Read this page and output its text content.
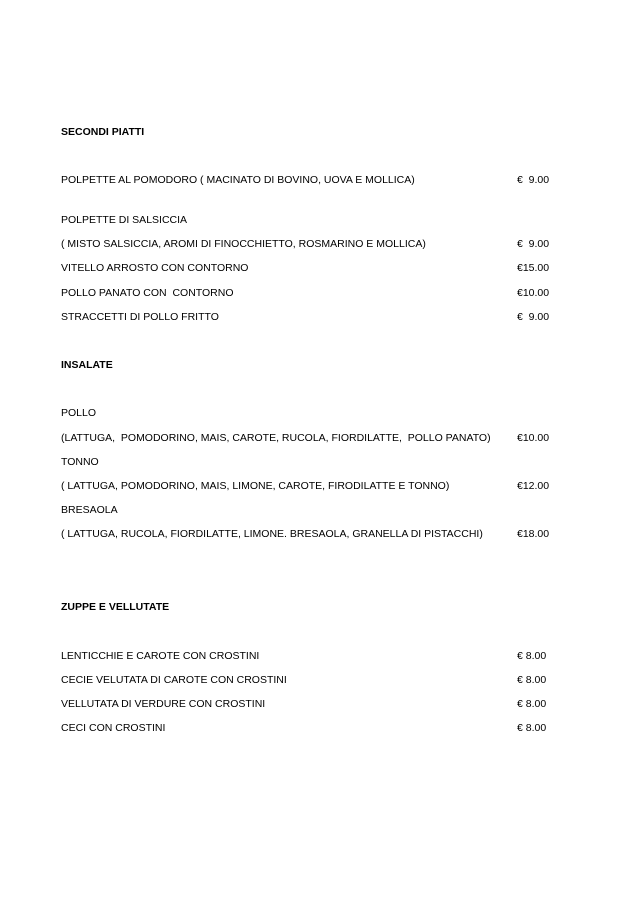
SECONDI PIATTI

POLPETTE AL POMODORO ( MACINATO DI BOVINO, UOVA E MOLLICA)

	€  9.00

POLPETTE DI SALSICCIA

( MISTO SALSICCIA, AROMI DI FINOCCHIETTO, ROSMARINO E MOLLICA)

	€  9.00

VITELLO ARROSTO CON CONTORNO

	€15.00

POLLO PANATO CON  CONTORNO

	€10.00

STRACCETTI DI POLLO FRITTO

	€  9.00

INSALATE

POLLO

(LATTUGA,  POMODORINO, MAIS, CAROTE, RUCOLA, FIORDILATTE,  POLLO PANATO)

	€10.00

TONNO

( LATTUGA, POMODORINO, MAIS, LIMONE, CAROTE, FIRODILATTE E TONNO)

	€12.00

BRESAOLA

( LATTUGA, RUCOLA, FIORDILATTE, LIMONE. BRESAOLA, GRANELLA DI PISTACCHI)

	€18.00

ZUPPE E VELLUTATE

LENTICCHIE E CAROTE CON CROSTINI

	€ 8.00

CECIE VELUTATA DI CAROTE CON CROSTINI

	€ 8.00

VELLUTATA DI VERDURE CON CROSTINI

	€ 8.00

CECI CON CROSTINI

	€ 8.00
